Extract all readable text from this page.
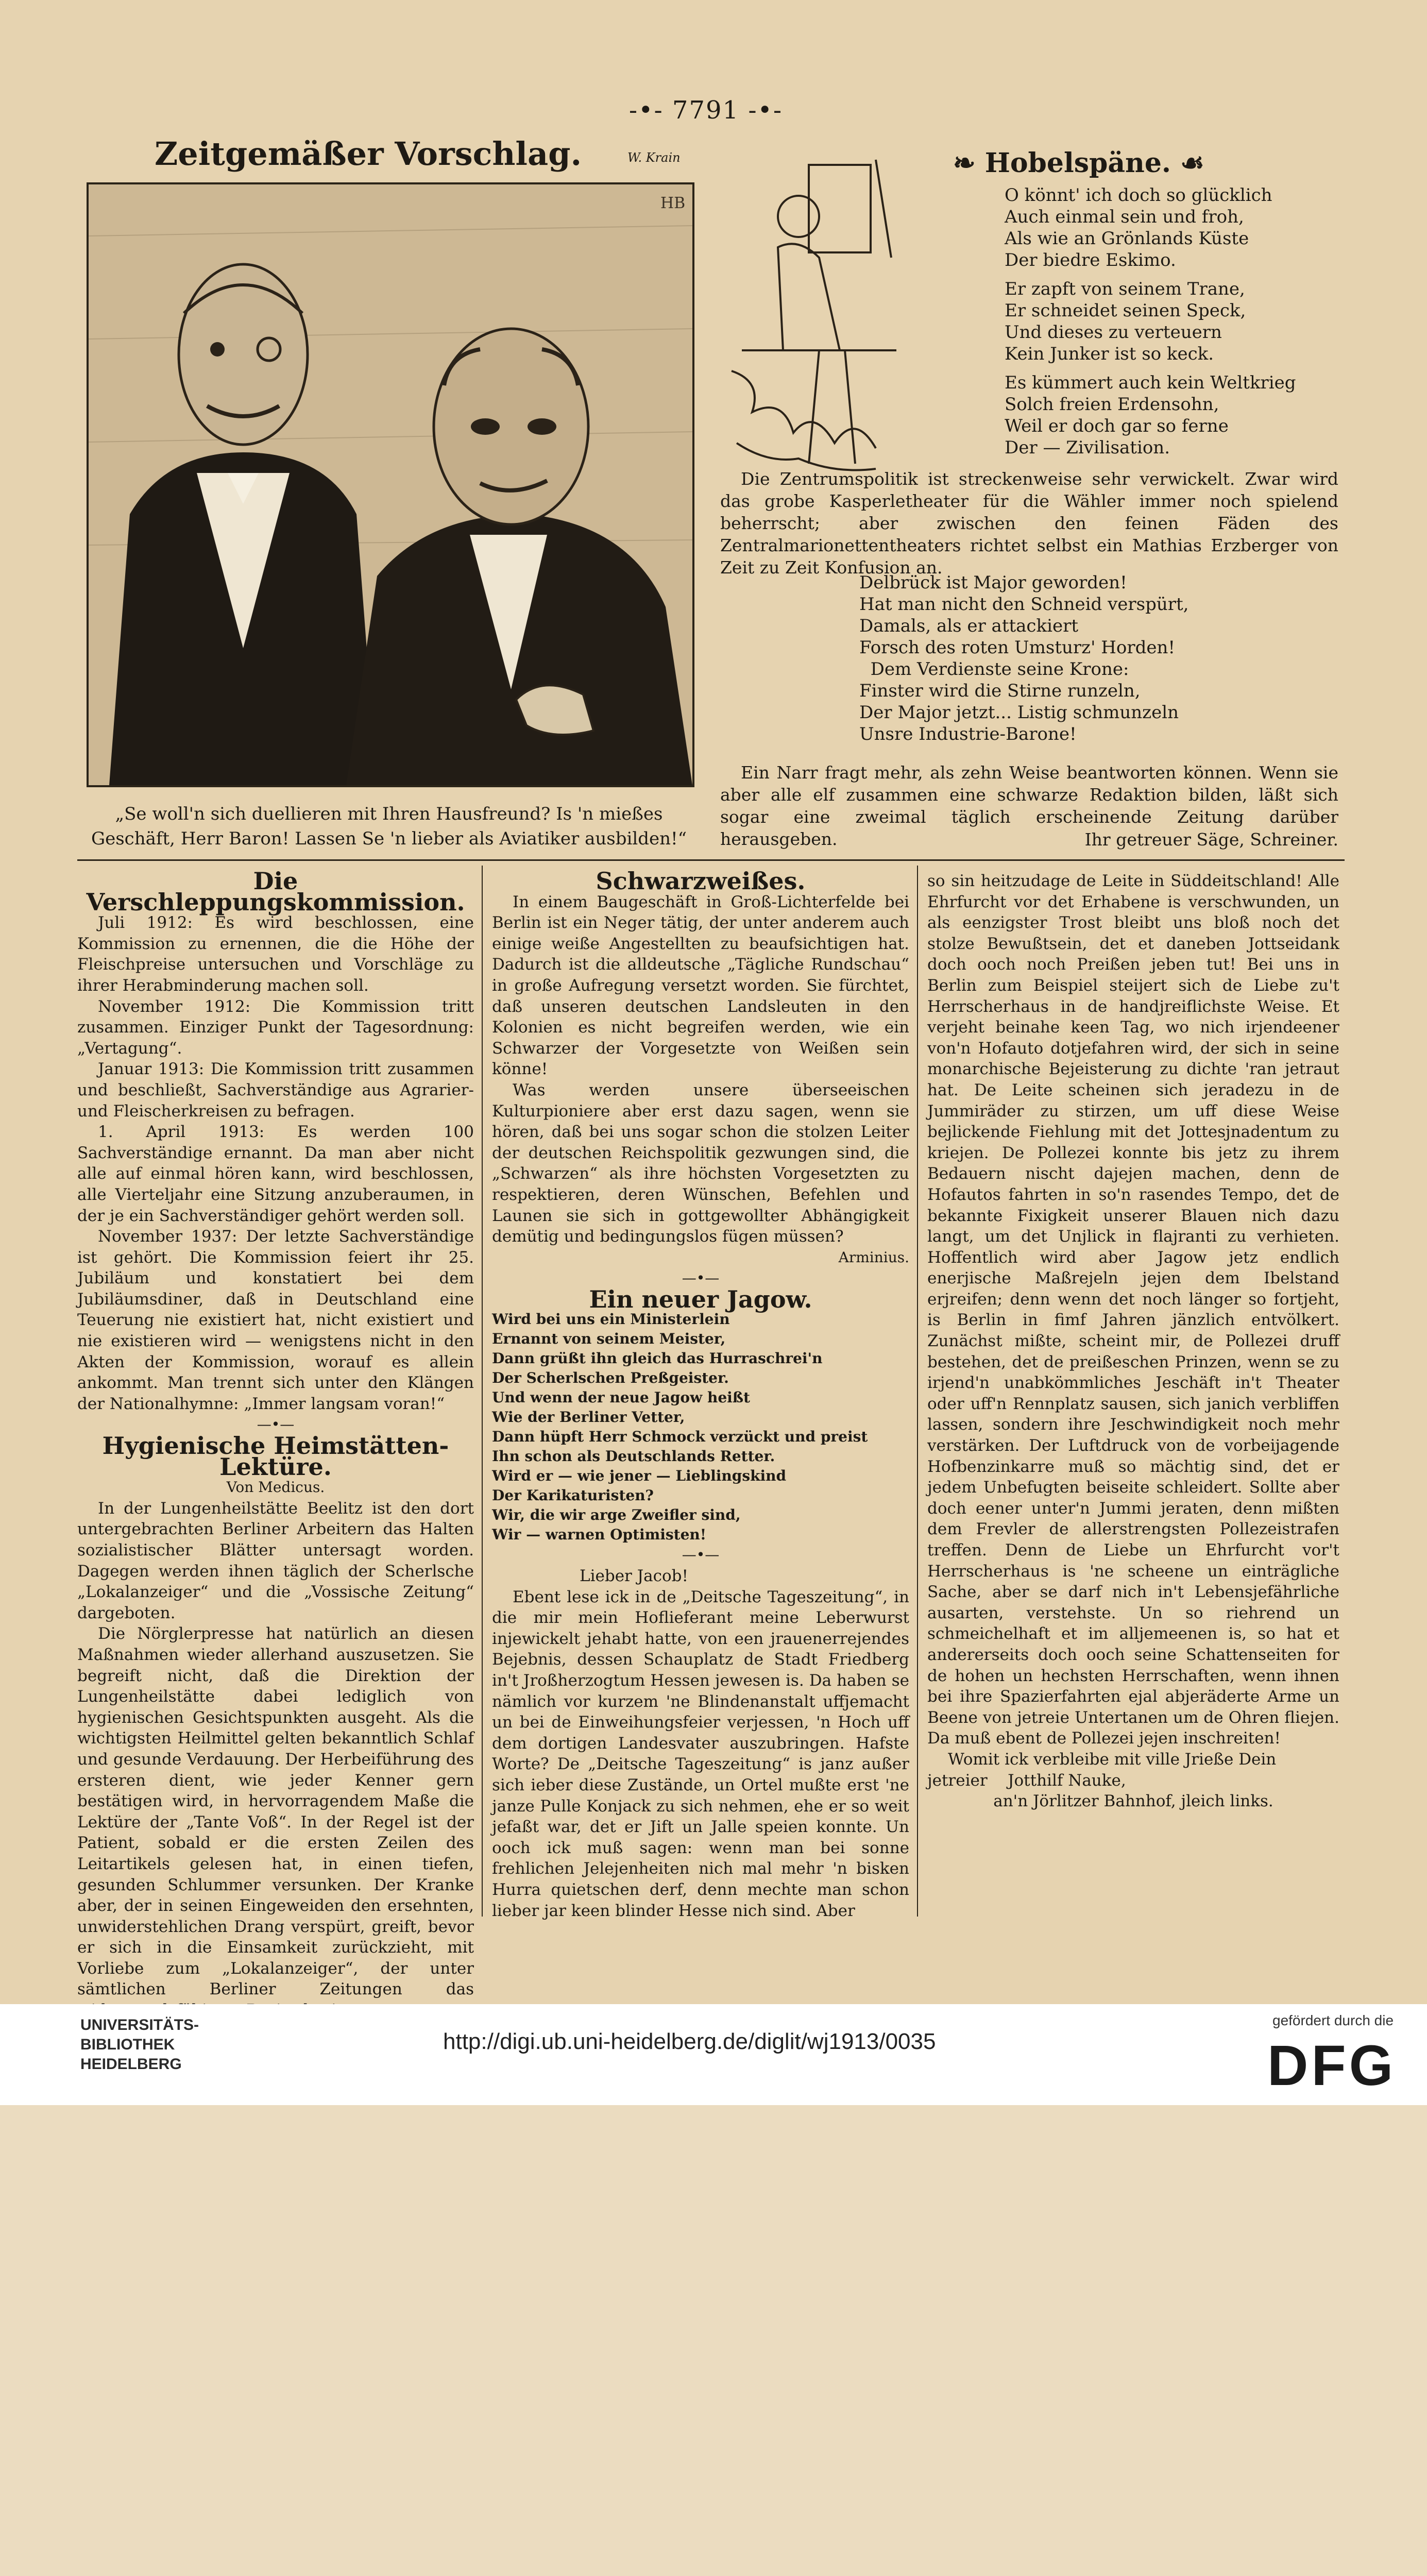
-•- 7791 -•-
Zeitgemäßer Vorschlag.	W. Krain
HB
„Se woll'n sich duellieren mit Ihren Hausfreund? Is 'n mießes Geschäft, Herr Baron! Lassen Se 'n lieber als Aviatiker ausbilden!“
❧ Hobelspäne. ☙
O könnt' ich doch so glücklich
Auch einmal sein und froh,
Als wie an Grönlands Küste
Der biedre Eskimo.
Er zapft von seinem Trane,
Er schneidet seinen Speck,
Und dieses zu verteuern
Kein Junker ist so keck.
Es kümmert auch kein Weltkrieg
Solch freien Erdensohn,
Weil er doch gar so ferne
Der — Zivilisation.
Die Zentrumspolitik ist streckenweise sehr verwickelt. Zwar wird das grobe Kasperletheater für die Wähler immer noch spielend beherrscht; aber zwischen den feinen Fäden des Zentralmarionettentheaters richtet selbst ein Mathias Erzberger von Zeit zu Zeit Konfusion an.
Delbrück ist Major geworden!
Hat man nicht den Schneid verspürt,
Damals, als er attackiert
Forsch des roten Umsturz' Horden!
Dem Verdienste seine Krone:
Finster wird die Stirne runzeln,
Der Major jetzt... Listig schmunzeln
Unsre Industrie-Barone!
Ein Narr fragt mehr, als zehn Weise beantworten können. Wenn sie aber alle elf zusammen eine schwarze Redaktion bilden, läßt sich sogar eine zweimal täglich erscheinende Zeitung darüber herausgeben.	Ihr getreuer Säge, Schreiner.

Die Verschleppungskommission.

Juli 1912: Es wird beschlossen, eine Kommission zu ernennen, die die Höhe der Fleischpreise untersuchen und Vorschläge zu ihrer Herabminderung machen soll.

November 1912: Die Kommission tritt zusammen. Einziger Punkt der Tagesordnung: „Vertagung“.

Januar 1913: Die Kommission tritt zusammen und beschließt, Sachverständige aus Agrarier- und Fleischerkreisen zu befragen.

1. April 1913: Es werden 100 Sachverständige ernannt. Da man aber nicht alle auf einmal hören kann, wird beschlossen, alle Vierteljahr eine Sitzung anzuberaumen, in der je ein Sachverständiger gehört werden soll.

November 1937: Der letzte Sachverständige ist gehört. Die Kommission feiert ihr 25. Jubiläum und konstatiert bei dem Jubiläumsdiner, daß in Deutschland eine Teuerung nie existiert hat, nicht existiert und nie existieren wird — wenigstens nicht in den Akten der Kommission, worauf es allein ankommt. Man trennt sich unter den Klängen der Nationalhymne: „Immer langsam voran!“

—•—

Hygienische Heimstätten-Lektüre.

Von Medicus.

In der Lungenheilstätte Beelitz ist den dort untergebrachten Berliner Arbeitern das Halten sozialistischer Blätter untersagt worden. Dagegen werden ihnen täglich der Scherlsche „Lokalanzeiger“ und die „Vossische Zeitung“ dargeboten.

Die Nörglerpresse hat natürlich an diesen Maßnahmen wieder allerhand auszusetzen. Sie begreift nicht, daß die Direktion der Lungenheilstätte dabei lediglich von hygienischen Gesichtspunkten ausgeht. Als die wichtigsten Heilmittel gelten bekanntlich Schlaf und gesunde Verdauung. Der Herbeiführung des ersteren dient, wie jeder Kenner gern bestätigen wird, in hervorragendem Maße die Lektüre der „Tante Voß“. In der Regel ist der Patient, sobald er die ersten Zeilen des Leitartikels gelesen hat, in einen tiefen, gesunden Schlummer versunken. Der Kranke aber, der in seinen Eingeweiden den ersehnten, unwiderstehlichen Drang verspürt, greift, bevor er sich in die Einsamkeit zurückzieht, mit Vorliebe zum „Lokalanzeiger“, der unter sämtlichen Berliner Zeitungen das

Schwarzweißes.

In einem Baugeschäft in Groß-Lichterfelde bei Berlin ist ein Neger tätig, der unter anderem auch einige weiße Angestellten zu beaufsichtigen hat. Dadurch ist die alldeutsche „Tägliche Rundschau“ in große Aufregung versetzt worden. Sie fürchtet, daß unseren deutschen Landsleuten in den Kolonien es nicht begreifen werden, wie ein Schwarzer der Vorgesetzte von Weißen sein könne!

Was werden unsere überseeischen Kulturpioniere aber erst dazu sagen, wenn sie hören, daß bei uns sogar schon die stolzen Leiter der deutschen Reichspolitik gezwungen sind, die „Schwarzen“ als ihre höchsten Vorgesetzten zu respektieren, deren Wünschen, Befehlen und Launen sie sich in gottgewollter Abhängigkeit demütig und bedingungslos fügen müssen?

Arminius.

—•—

Ein neuer Jagow.

Wird bei uns ein Ministerlein
Ernannt von seinem Meister,
Dann grüßt ihn gleich das Hurraschrei'n
Der Scherlschen Preßgeister.
Und wenn der neue Jagow heißt
Wie der Berliner Vetter,
Dann hüpft Herr Schmock verzückt und preist
Ihn schon als Deutschlands Retter.
Wird er — wie jener — Lieblingskind
Der Karikaturisten?
Wir, die wir arge Zweifler sind,
Wir — warnen Optimisten!

—•—

Lieber Jacob!

Ebent lese ick in de „Deitsche Tageszeitung“, in die mir mein Hoflieferant meine Leberwurst injewickelt jehabt hatte, von een jrauenerrejendes Bejebnis, dessen Schauplatz de Stadt Friedberg in't Jroßherzogtum Hessen jewesen is. Da haben se nämlich vor kurzem 'ne Blindenanstalt uffjemacht un bei de Einweihungsfeier verjessen, 'n Hoch uff dem dortigen Landesvater auszubringen. Hafste Worte? De „Deitsche Tageszeitung“ is janz außer sich ieber diese Zustände, un Ortel mußte erst 'ne janze Pulle Konjack zu sich nehmen, ehe er so weit jefaßt war, det er Jift un Jalle speien konnte. Un ooch ick muß sagen: wenn man bei sonne frehlichen Jelejenheiten nich mal mehr 'n bisken Hurra quietschen derf, denn mechte man schon lieber jar keen blinder Hesse nich sind. Aber

so sin heitzudage de Leite in Süddeitschland! Alle Ehrfurcht vor det Erhabene is verschwunden, un als eenzigster Trost bleibt uns bloß noch det stolze Bewußtsein, det et daneben Jottseidank doch ooch noch Preißen jeben tut! Bei uns in Berlin zum Beispiel steijert sich de Liebe zu't Herrscherhaus in de handjreiflichste Weise. Et verjeht beinahe keen Tag, wo nich irjendeener von'n Hofauto dotjefahren wird, der sich in seine monarchische Bejeisterung zu dichte 'ran jetraut hat. De Leite scheinen sich jeradezu in de Jummiräder zu stirzen, um uff diese Weise bejlickende Fiehlung mit det Jottesjnadentum zu kriejen. De Pollezei konnte bis jetz zu ihrem Bedauern nischt dajejen machen, denn de Hofautos fahrten in so'n rasendes Tempo, det de bekannte Fixigkeit unserer Blauen nich dazu langt, um det Unjlick in flajranti zu verhieten. Hoffentlich wird aber Jagow jetz endlich enerjische Maßrejeln jejen dem Ibelstand erjreifen; denn wenn det noch länger so fortjeht, is Berlin in fimf Jahren jänzlich entvölkert. Zunächst mißte, scheint mir, de Pollezei druff bestehen, det de preißeschen Prinzen, wenn se zu irjend'n unabkömmliches Jeschäft in't Theater oder uff'n Rennplatz sausen, sich janich verbliffen lassen, sondern ihre Jeschwindigkeit noch mehr verstärken. Der Luftdruck von de vorbeijagende Hofbenzinkarre muß so mächtig sind, det er jedem Unbefugten beiseite schleidert. Sollte aber doch eener unter'n Jummi jeraten, denn mißten dem Frevler de allerstrengsten Pollezeistrafen treffen. Denn de Liebe un Ehrfurcht vor't Herrscherhaus is 'ne scheene un einträgliche Sache, aber se darf nich in't Lebensjefährliche ausarten, verstehste. Un so riehrend un schmeichelhaft et im alljemeenen is, so hat et andererseits doch ooch seine Schattenseiten for de hohen un hechsten Herrschaften, wenn ihnen bei ihre Spazierfahrten ejal abjeräderte Arme un Beene von jetreie Untertanen um de Ohren fliejen. Da muß ebent de Pollezei jejen inschreiten!

Womit ick verbleibe mit ville Jrieße Dein

jetreier    Jotthilf Nauke,

an'n Jörlitzer Bahnhof, jleich links.

UNIVERSITÄTS-
BIBLIOTHEK
HEIDELBERG
http://digi.ub.uni-heidelberg.de/diglit/wj1913/0035
gefördert durch die
DFG
